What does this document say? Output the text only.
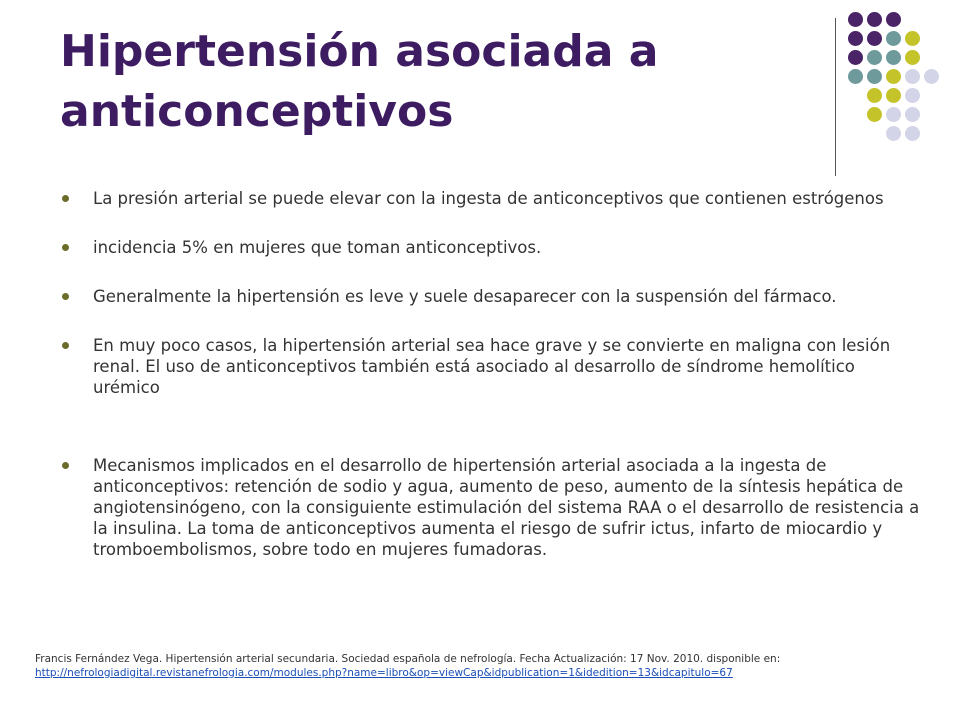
Hipertensión asociada a anticonceptivos
La presión arterial se puede elevar con la ingesta de anticonceptivos que contienen estrógenos
incidencia 5% en mujeres que toman anticonceptivos.
Generalmente la hipertensión es leve y suele desaparecer con la suspensión del fármaco.
En muy poco casos, la hipertensión arterial sea hace grave y se convierte en maligna con lesión renal. El uso de anticonceptivos también está asociado al desarrollo de síndrome hemolítico urémico
Mecanismos implicados en el desarrollo de hipertensión arterial asociada a la ingesta de anticonceptivos: retención de sodio y agua, aumento de peso, aumento de la síntesis hepática de angiotensinógeno, con la consiguiente estimulación del sistema RAA o el desarrollo de resistencia a la insulina. La toma de anticonceptivos aumenta el riesgo de sufrir ictus, infarto de miocardio y tromboembolismos, sobre todo en mujeres fumadoras.
Francis Fernández Vega. Hipertensión arterial secundaria. Sociedad española de nefrología. Fecha Actualización: 17 Nov. 2010. disponible en:
http://nefrologiadigital.revistanefrologia.com/modules.php?name=libro&op=viewCap&idpublication=1&idedition=13&idcapitulo=67
